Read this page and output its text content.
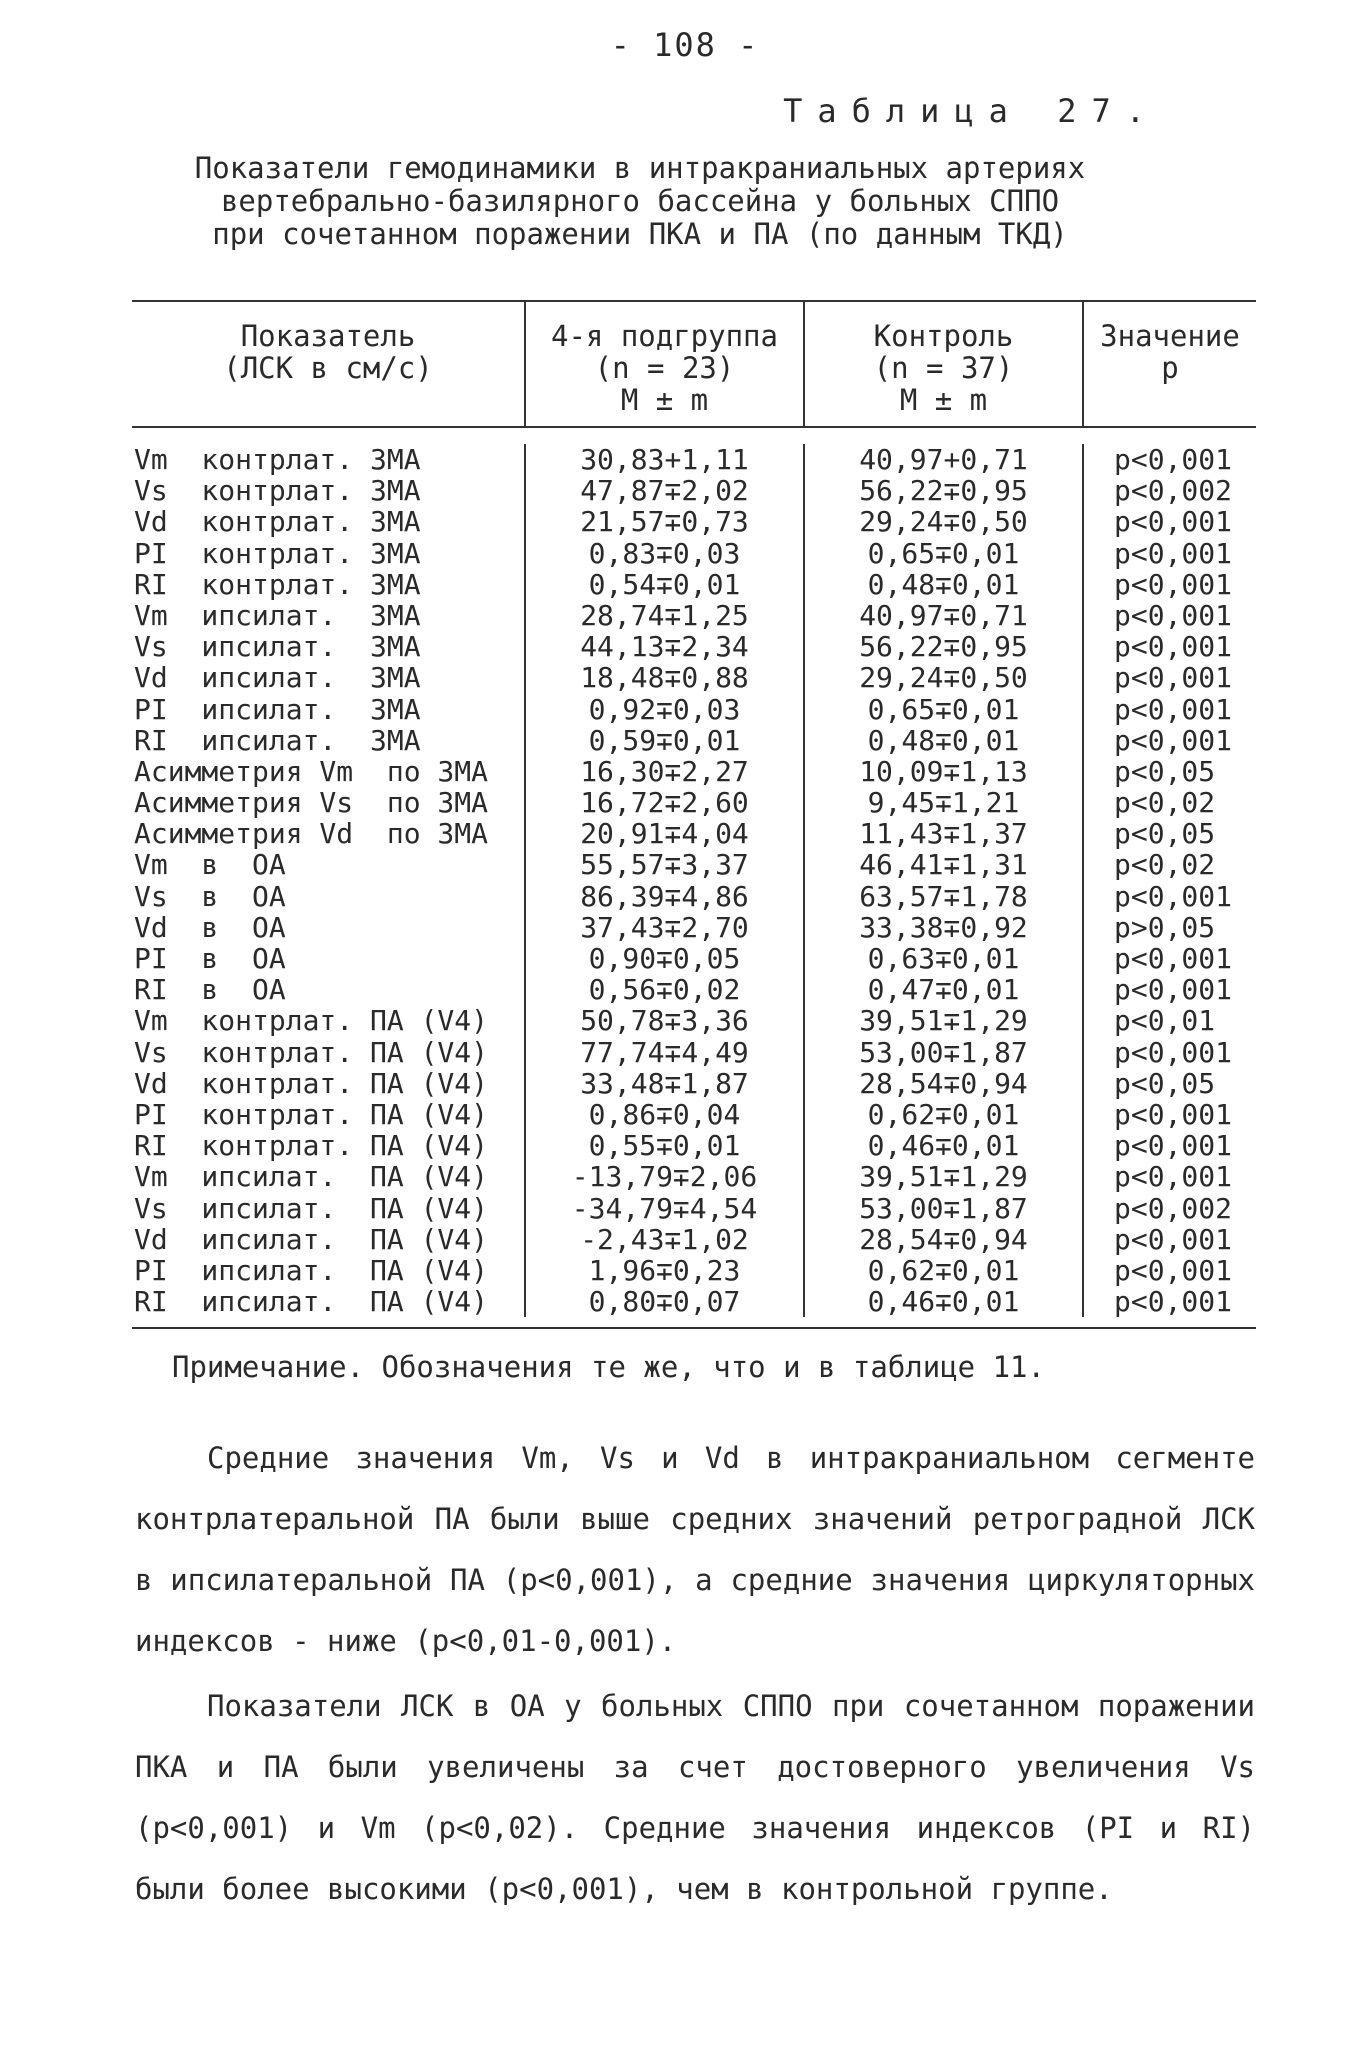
- 108 -
Таблица 27.
Показатели гемодинамики в интракраниальных артериях
вертебрально-базилярного бассейна у больных СППО
при сочетанном поражении ПКА и ПА (по данным ТКД)
Показатель
(ЛСК в см/с)
4-я подгруппа
(n = 23)
M ± m
Контроль
(n = 37)
M ± m
Значение
p
Vm  контрлат. ЗМА
Vs  контрлат. ЗМА
Vd  контрлат. ЗМА
PI  контрлат. ЗМА
RI  контрлат. ЗМА
Vm  ипсилат.  ЗМА
Vs  ипсилат.  ЗМА
Vd  ипсилат.  ЗМА
PI  ипсилат.  ЗМА
RI  ипсилат.  ЗМА
Асимметрия Vm  по ЗМА
Асимметрия Vs  по ЗМА
Асимметрия Vd  по ЗМА
Vm  в  ОА
Vs  в  ОА
Vd  в  ОА
PI  в  ОА
RI  в  ОА
Vm  контрлат. ПА (V4)
Vs  контрлат. ПА (V4)
Vd  контрлат. ПА (V4)
PI  контрлат. ПА (V4)
RI  контрлат. ПА (V4)
Vm  ипсилат.  ПА (V4)
Vs  ипсилат.  ПА (V4)
Vd  ипсилат.  ПА (V4)
PI  ипсилат.  ПА (V4)
RI  ипсилат.  ПА (V4)
30,83+1,11
47,87∓2,02
21,57∓0,73
0,83∓0,03
0,54∓0,01
28,74∓1,25
44,13∓2,34
18,48∓0,88
0,92∓0,03
0,59∓0,01
16,30∓2,27
16,72∓2,60
20,91∓4,04
55,57∓3,37
86,39∓4,86
37,43∓2,70
0,90∓0,05
0,56∓0,02
50,78∓3,36
77,74∓4,49
33,48∓1,87
0,86∓0,04
0,55∓0,01
-13,79∓2,06
-34,79∓4,54
-2,43∓1,02
1,96∓0,23
0,80∓0,07
40,97+0,71
56,22∓0,95
29,24∓0,50
0,65∓0,01
0,48∓0,01
40,97∓0,71
56,22∓0,95
29,24∓0,50
0,65∓0,01
0,48∓0,01
10,09∓1,13
9,45∓1,21
11,43∓1,37
46,41∓1,31
63,57∓1,78
33,38∓0,92
0,63∓0,01
0,47∓0,01
39,51∓1,29
53,00∓1,87
28,54∓0,94
0,62∓0,01
0,46∓0,01
39,51∓1,29
53,00∓1,87
28,54∓0,94
0,62∓0,01
0,46∓0,01
p<0,001
p<0,002
p<0,001
p<0,001
p<0,001
p<0,001
p<0,001
p<0,001
p<0,001
p<0,001
p<0,05
p<0,02
p<0,05
p<0,02
p<0,001
p>0,05
p<0,001
p<0,001
p<0,01
p<0,001
p<0,05
p<0,001
p<0,001
p<0,001
p<0,002
p<0,001
p<0,001
p<0,001
Примечание. Обозначения те же, что и в таблице 11.
Средние значения Vm, Vs и Vd в интракраниальном сегменте контрлатеральной ПА были выше средних значений ретроградной ЛСК в ипсилатеральной ПА (p<0,001), а средние значения циркуляторных индексов - ниже (p<0,01-0,001).
Показатели ЛСК в ОА у больных СППО при сочетанном поражении ПКА и ПА были увеличены за счет достоверного увеличения Vs (p<0,001) и Vm (p<0,02). Средние значения индексов (PI и RI) были более высокими (p<0,001), чем в контрольной группе.
